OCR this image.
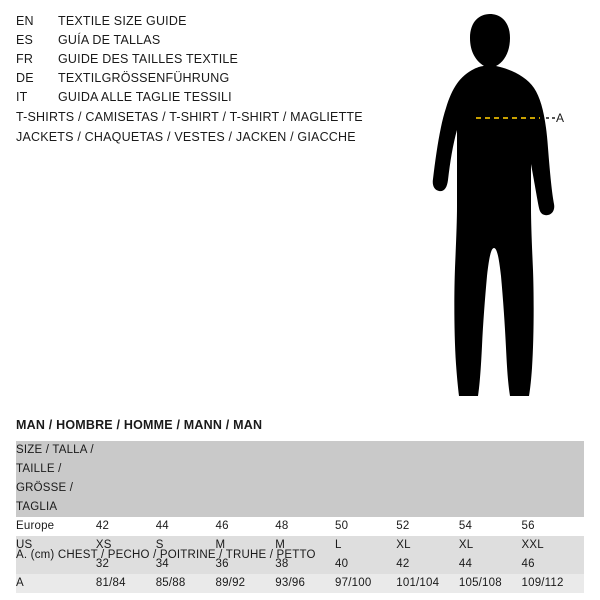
EN	TEXTILE SIZE GUIDE
ES	GUÍA DE TALLAS
FR	GUIDE DES TAILLES TEXTILE
DE	TEXTILGRÖSSENFÜHRUNG
IT	GUIDA ALLE TAGLIE TESSILI
T-SHIRTS / CAMISETAS / T-SHIRT / T-SHIRT / MAGLIETTE
JACKETS / CHAQUETAS / VESTES / JACKEN / GIACCHE
A
MAN / HOMBRE / HOMME / MANN / MAN
SIZE / TALLA / TAILLE / GRÖSSE / TAGLIA								
Europe	42	44	46	48	50	52	54	56
US	XS	S	M	M	L	XL	XL	XXL
	32	34	36	38	40	42	44	46
A	81/84	85/88	89/92	93/96	97/100	101/104	105/108	109/112
A. (cm) CHEST / PECHO / POITRINE / TRUHE / PETTO
